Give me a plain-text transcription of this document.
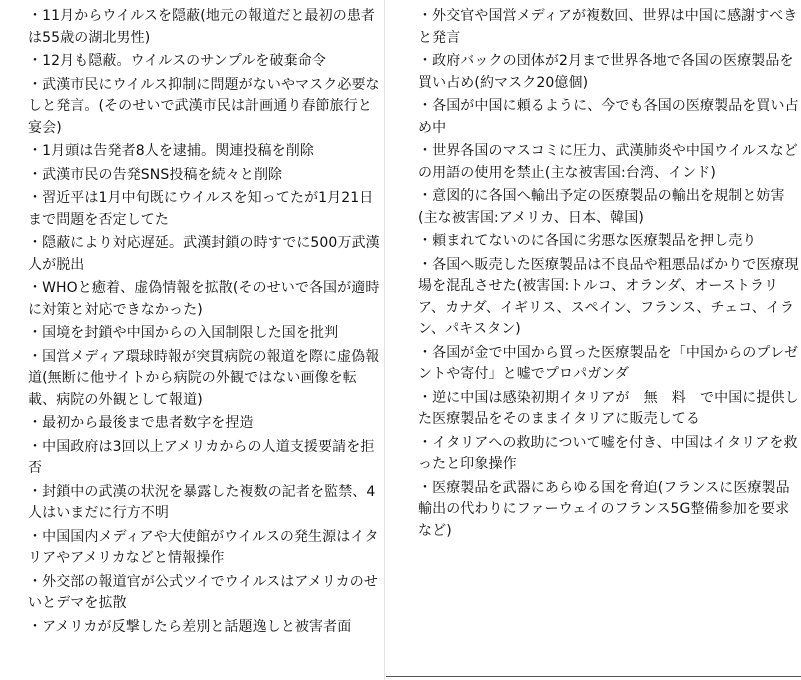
・11月からウイルスを隠蔽(地元の報道だと最初の患者は55歳の湖北男性)

・12月も隠蔽。ウイルスのサンプルを破棄命令

・武漢市民にウイルス抑制に問題がないやマスク必要なしと発言。(そのせいで武漢市民は計画通り春節旅行と宴会)

・1月頭は告発者8人を逮捕。関連投稿を削除

・武漢市民の告発SNS投稿を続々と削除

・習近平は1月中旬既にウイルスを知ってたが1月21日まで問題を否定してた

・隠蔽により対応遅延。武漢封鎖の時すでに500万武漢人が脱出

・WHOと癒着、虚偽情報を拡散(そのせいで各国が適時に対策と対応できなかった)

・国境を封鎖や中国からの入国制限した国を批判

・国営メディア環球時報が突貫病院の報道を際に虚偽報道(無断に他サイトから病院の外観ではない画像を転載、病院の外観として報道)

・最初から最後まで患者数字を捏造

・中国政府は3回以上アメリカからの人道支援要請を拒否

・封鎖中の武漢の状況を暴露した複数の記者を監禁、4人はいまだに行方不明

・中国国内メディアや大使館がウイルスの発生源はイタリアやアメリカなどと情報操作

・外交部の報道官が公式ツイでウイルスはアメリカのせいとデマを拡散

・アメリカが反撃したら差別と話題逸しと被害者面

・外交官や国営メディアが複数回、世界は中国に感謝すべきと発言

・政府バックの団体が2月まで世界各地で各国の医療製品を買い占め(約マスク20億個)

・各国が中国に頼るように、今でも各国の医療製品を買い占め中

・世界各国のマスコミに圧力、武漢肺炎や中国ウイルスなどの用語の使用を禁止(主な被害国:台湾、インド)

・意図的に各国へ輸出予定の医療製品の輸出を規制と妨害(主な被害国:アメリカ、日本、韓国)

・頼まれてないのに各国に劣悪な医療製品を押し売り

・各国へ販売した医療製品は不良品や粗悪品ばかりで医療現場を混乱させた(被害国:トルコ、オランダ、オーストラリア、カナダ、イギリス、スペイン、フランス、チェコ、イラン、パキスタン)

・各国が金で中国から買った医療製品を「中国からのプレゼントや寄付」と嘘でプロパガンダ

・逆に中国は感染初期イタリアが　無　料　で中国に提供した医療製品をそのままイタリアに販売してる

・イタリアへの救助について嘘を付き、中国はイタリアを救ったと印象操作

・医療製品を武器にあらゆる国を脅迫(フランスに医療製品輸出の代わりにファーウェイのフランス5G整備参加を要求など)
